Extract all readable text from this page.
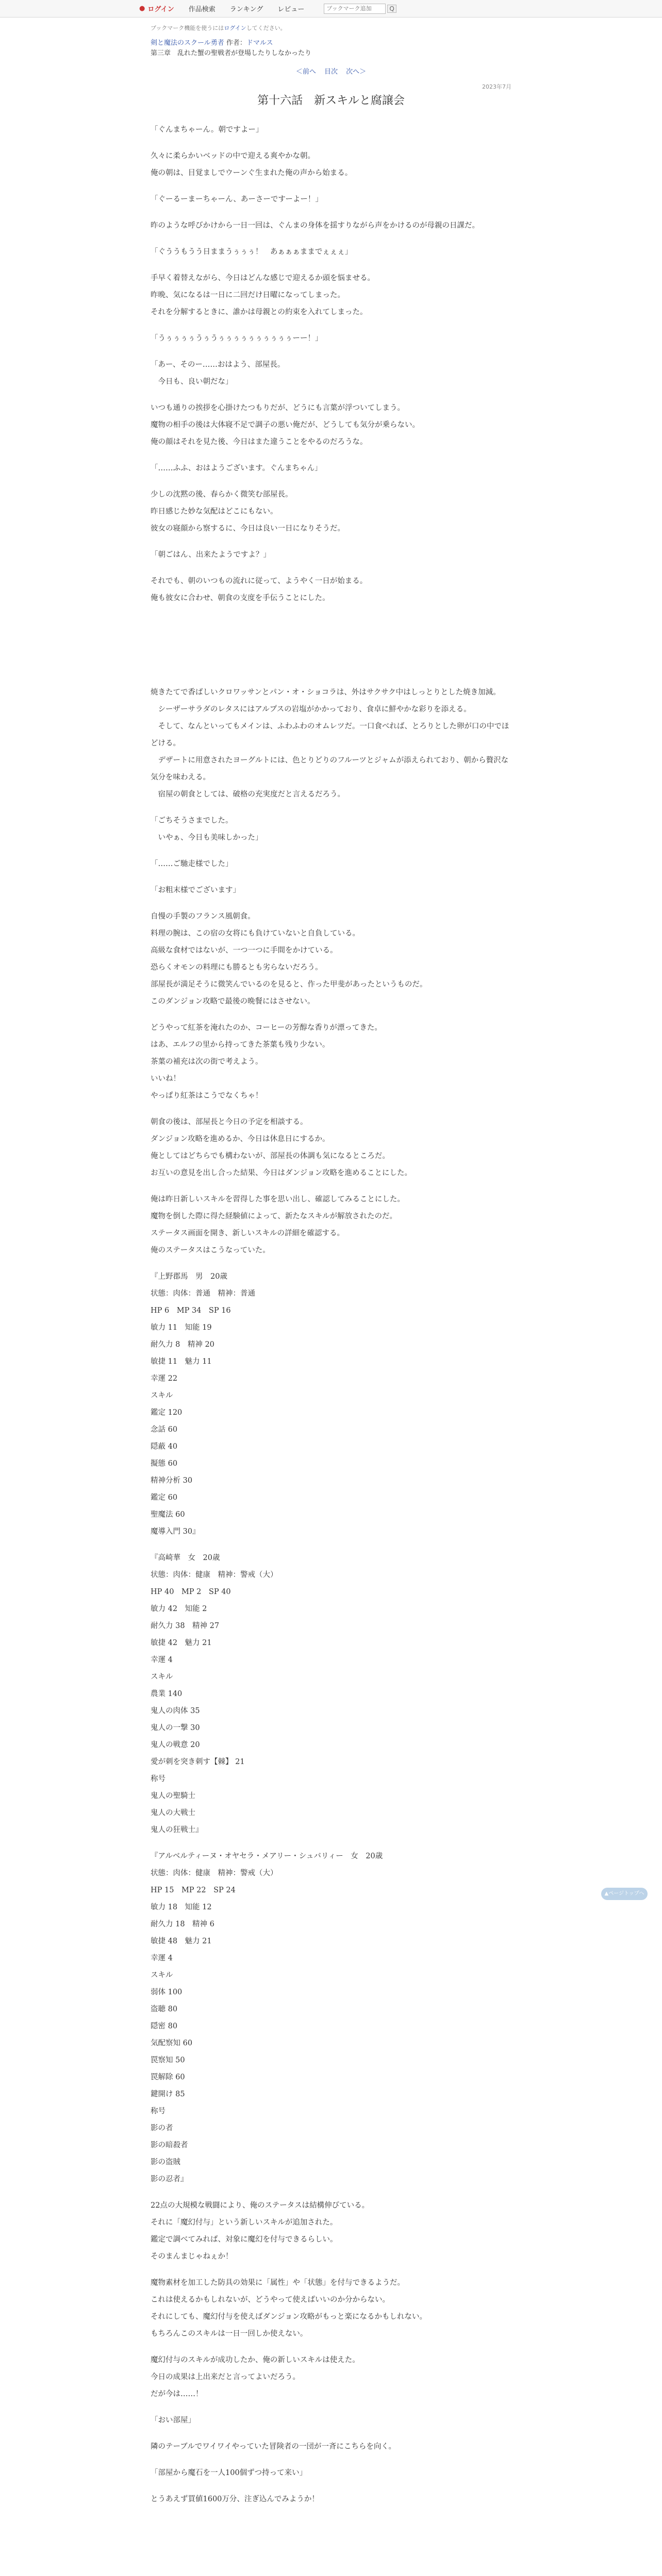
● ログイン 作品検索 ランキング レビュー
ブックマーク追加	Q
ブックマーク機能を使うにはログインしてください。
剣と魔法のスクール勇者 作者：ドマルス
第三章　乱れた蟹の聖戦者が登場したりしなかったり
＜前へ 目次 次へ＞
2023年7月
第十六話　新スキルと腐譲会

「ぐんまちゃーん。朝ですよー」

久々に柔らかいベッドの中で迎える爽やかな朝。
俺の朝は、目覚ましでウーンぐ生まれた俺の声から始まる。

「ぐーるーまーちゃーん、あーさーですーよー！」

昨のような呼びかけから一日一回は、ぐんまの身体を揺すりながら声をかけるのが母親の日課だ。

「ぐううもうう日ままうぅぅぅ！　あぁぁぁままでぇぇぇ」

手早く着替えながら、今日はどんな感じで迎えるか頭を悩ませる。
昨晩、気になるは一日に二回だけ日曜になってしまった。
それを分解するときに、誰かは母親との約束を入れてしまった。

「うぅぅぅぅうぅうぅぅぅぅぅぅぅぅぅぅーー！」

「あー、そのー……おはよう、部屋長。
　今日も、良い朝だな」

いつも通りの挨拶を心掛けたつもりだが、どうにも言葉が浮ついてしまう。
魔物の相手の後は大体寝不足で調子の悪い俺だが、どうしても気分が乗らない。
俺の顔はそれを見た後、今日はまた違うことをやるのだろうな。

「……ふふ、おはようございます。ぐんまちゃん」

少しの沈黙の後、春らかく微笑む部屋長。
昨日感じた妙な気配はどこにもない。
彼女の寝顔から察するに、今日は良い一日になりそうだ。

「朝ごはん、出来たようですよ？」

それでも、朝のいつもの流れに従って、ようやく一日が始まる。
俺も彼女に合わせ、朝食の支度を手伝うことにした。

焼きたてで香ばしいクロワッサンとパン・オ・ショコラは、外はサクサク中はしっとりとした焼き加減。
　シーザーサラダのレタスにはアルプスの岩塩がかかっており、食卓に鮮やかな彩りを添える。
　そして、なんといってもメインは、ふわふわのオムレツだ。一口食べれば、とろりとした卵が口の中でほどける。
　デザートに用意されたヨーグルトには、色とりどりのフルーツとジャムが添えられており、朝から贅沢な気分を味わえる。
　宿屋の朝食としては、破格の充実度だと言えるだろう。

「ごちそうさまでした。
　いやぁ、今日も美味しかった」

「……ご馳走様でした」

「お粗末様でございます」

自慢の手製のフランス風朝食。
料理の腕は、この宿の女将にも負けていないと自負している。
高級な食材ではないが、一つ一つに手間をかけている。
恐らくオモンの料理にも勝るとも劣らないだろう。
部屋長が満足そうに微笑んでいるのを見ると、作った甲斐があったというものだ。
このダンジョン攻略で最後の晩餐にはさせない。

どうやって紅茶を淹れたのか、コーヒーの芳醇な香りが漂ってきた。
はあ、エルフの里から持ってきた茶葉も残り少ない。
茶葉の補充は次の街で考えよう。
いいね！
やっぱり紅茶はこうでなくちゃ！

朝食の後は、部屋長と今日の予定を相談する。
ダンジョン攻略を進めるか、今日は休息日にするか。
俺としてはどちらでも構わないが、部屋長の体調も気になるところだ。
お互いの意見を出し合った結果、今日はダンジョン攻略を進めることにした。

俺は昨日新しいスキルを習得した事を思い出し、確認してみることにした。
魔物を倒した際に得た経験値によって、新たなスキルが解放されたのだ。
ステータス画面を開き、新しいスキルの詳細を確認する。
俺のステータスはこうなっていた。

『上野郡馬　男　20歳
状態：肉体：普通　精神：普通
HP 6　MP 34　SP 16
敏力 11　知能 19
耐久力 8　精神 20
敏捷 11　魅力 11
幸運 22
スキル
鑑定 120
念話 60
隠蔽 40
擬態 60
精神分析 30
鑑定 60
聖魔法 60
魔導入門 30』

『高崎華　女　20歳
状態：肉体：健康　精神：警戒（大）
HP 40　MP 2　SP 40
敏力 42　知能 2
耐久力 38　精神 27
敏捷 42　魅力 21
幸運 4
スキル
農業 140
鬼人の肉体 35
鬼人の一撃 30
鬼人の戦意 20
愛が刺を突き刺す【棘】 21
称号
鬼人の聖騎士
鬼人の大戦士
鬼人の狂戦士』

『アルベルティーヌ・オヤセラ・メアリー・シュバリィー　女　20歳
状態：肉体：健康　精神：警戒（大）
HP 15　MP 22　SP 24
敏力 18　知能 12
耐久力 18　精神 6
敏捷 48　魅力 21
幸運 4
スキル
弱体 100
盗聴 80
隠密 80
気配察知 60
罠察知 50
罠解除 60
鍵開け 85
称号
影の者
影の暗殺者
影の盗賊
影の忍者』

22点の大規模な戦闘により、俺のステータスは結構伸びている。
それに「魔幻付与」という新しいスキルが追加された。
鑑定で調べてみれば、対象に魔幻を付与できるらしい。
そのまんまじゃねぇか！

魔物素材を加工した防具の効果に「属性」や「状態」を付与できるようだ。
これは使えるかもしれないが、どうやって使えばいいのか分からない。
それにしても、魔幻付与を使えばダンジョン攻略がもっと楽になるかもしれない。
もちろんこのスキルは一日一回しか使えない。

魔幻付与のスキルが成功したか、俺の新しいスキルは使えた。
今日の成果は上出来だと言ってよいだろう。
だが今は……！

「おい部屋」

隣のテーブルでワイワイやっていた冒険者の一団が一斉にこちらを向く。

「部屋から魔石を一人100個ずつ持って来い」

とうあえず買値1600万分、注ぎ込んでみようか！

▲ページトップへ
